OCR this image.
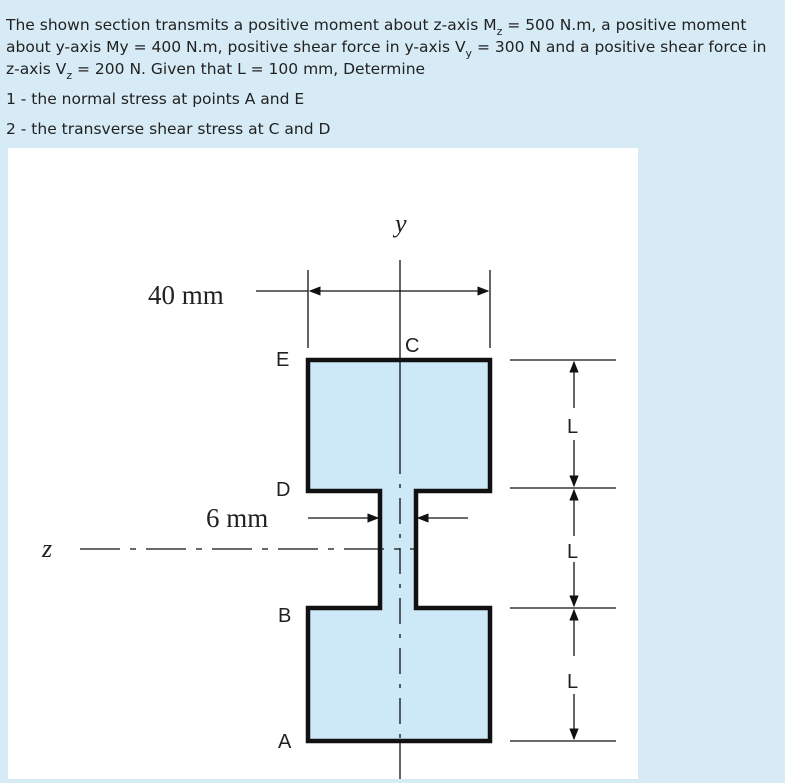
The shown section transmits a positive moment about z-axis $M_z = 500$ N.m, a positive moment
about y-axis My = 400 N.m, positive shear force in y-axis $V_y = 300$ N and a positive shear force in
z-axis $V_z = 200$ N. Given that L = 100 mm, Determine
1 - the normal stress at points A and E
2 - the transverse shear stress at C and D
y
z
40 mm
6 mm
E
C
D
B
A
L
L
L
